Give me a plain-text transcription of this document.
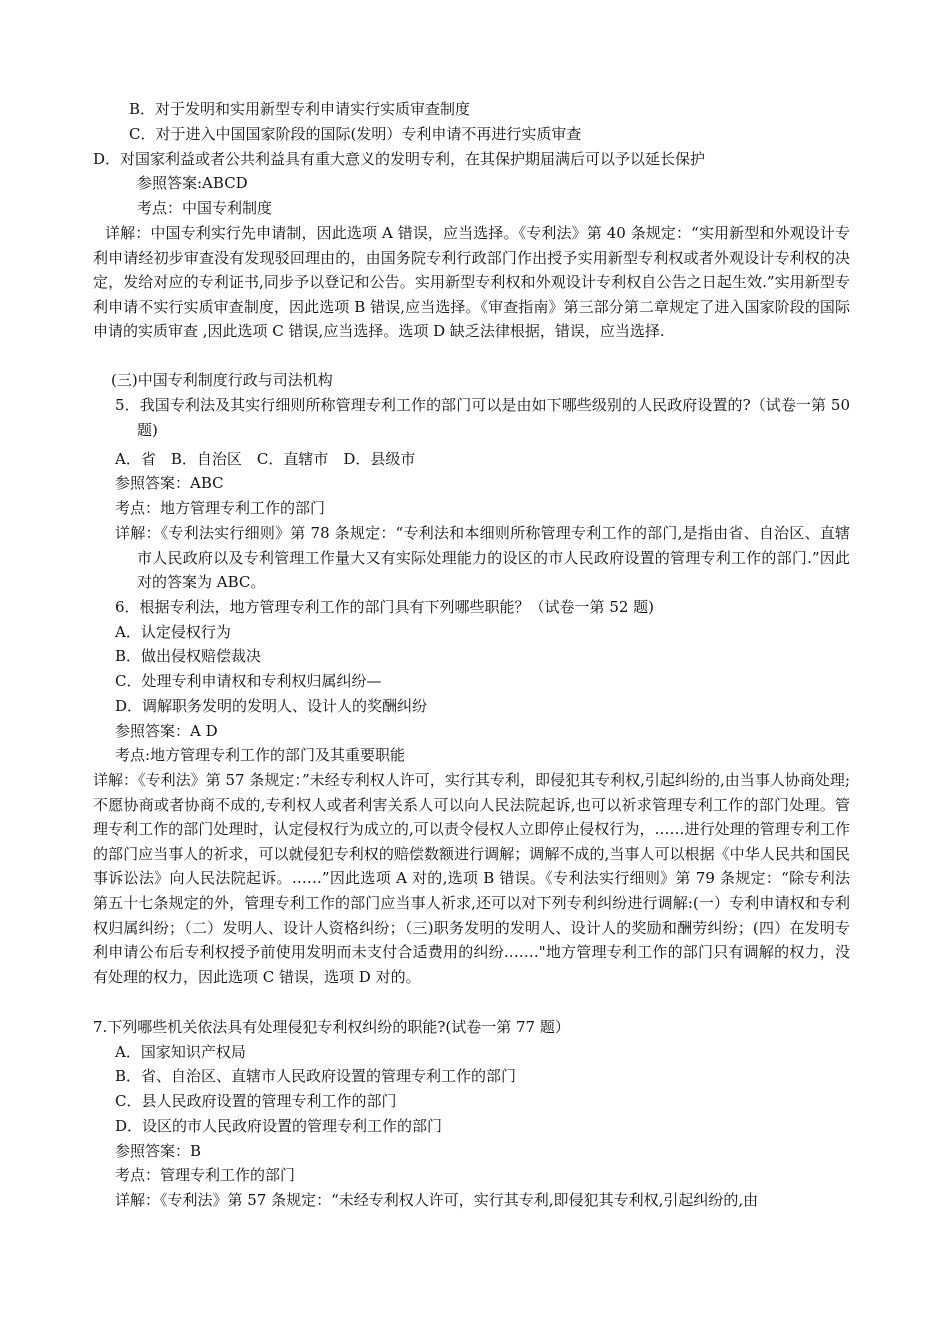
B．对于发明和实用新型专利申请实行实质审查制度
C．对于进入中国国家阶段的国际(发明）专利申请不再进行实质审查
D．对国家利益或者公共利益具有重大意义的发明专利，在其保护期届满后可以予以延长保护
参照答案:ABCD
考点：中国专利制度
详解：中国专利实行先申请制，因此选项 A 错误，应当选择。《专利法》第 40 条规定：“实用新型和外观设计专利申请经初步审查没有发现驳回理由的，由国务院专利行政部门作出授予实用新型专利权或者外观设计专利权的决定，发给对应的专利证书,同步予以登记和公告。实用新型专利权和外观设计专利权自公告之日起生效.”实用新型专利申请不实行实质审查制度，因此选项 B 错误,应当选择。《审查指南》第三部分第二章规定了进入国家阶段的国际申请的实质审查 ,因此选项 C 错误,应当选择。选项 D 缺乏法律根据，错误，应当选择.
(三)中国专利制度行政与司法机构
5．我国专利法及其实行细则所称管理专利工作的部门可以是由如下哪些级别的人民政府设置的?（试卷一第 50 题)
A．省　B．自治区　C．直辖市　D．县级市
参照答案：ABC
考点：地方管理专利工作的部门
详解：《专利法实行细则》第 78 条规定：“专利法和本细则所称管理专利工作的部门,是指由省、自治区、直辖市人民政府以及专利管理工作量大又有实际处理能力的设区的市人民政府设置的管理专利工作的部门.”因此对的答案为 ABC。
6．根据专利法，地方管理专利工作的部门具有下列哪些职能？（试卷一第 52 题)
A．认定侵权行为
B．做出侵权赔偿裁决
C．处理专利申请权和专利权归属纠纷—
D．调解职务发明的发明人、设计人的奖酬纠纷
参照答案：A D
考点:地方管理专利工作的部门及其重要职能
详解：《专利法》第 57 条规定：”未经专利权人许可，实行其专利，即侵犯其专利权,引起纠纷的,由当事人协商处理;不愿协商或者协商不成的,专利权人或者利害关系人可以向人民法院起诉,也可以祈求管理专利工作的部门处理。管理专利工作的部门处理时，认定侵权行为成立的,可以责令侵权人立即停止侵权行为，……进行处理的管理专利工作的部门应当事人的祈求，可以就侵犯专利权的赔偿数额进行调解；调解不成的,当事人可以根据《中华人民共和国民事诉讼法》向人民法院起诉。……”因此选项 A 对的,选项 B 错误。《专利法实行细则》第 79 条规定：“除专利法第五十七条规定的外，管理专利工作的部门应当事人祈求,还可以对下列专利纠纷进行调解:(一）专利申请权和专利权归属纠纷；（二）发明人、设计人资格纠纷；（三)职务发明的发明人、设计人的奖励和酬劳纠纷；(四）在发明专利申请公布后专利权授予前使用发明而未支付合适费用的纠纷.……"地方管理专利工作的部门只有调解的权力，没有处理的权力，因此选项 C 错误，选项 D 对的。
7.下列哪些机关依法具有处理侵犯专利权纠纷的职能?(试卷一第 77 题）
A．国家知识产权局
B．省、自治区、直辖市人民政府设置的管理专利工作的部门
C．县人民政府设置的管理专利工作的部门
D．设区的市人民政府设置的管理专利工作的部门
参照答案：B
考点：管理专利工作的部门
详解：《专利法》第 57 条规定：“未经专利权人许可，实行其专利,即侵犯其专利权,引起纠纷的,由
